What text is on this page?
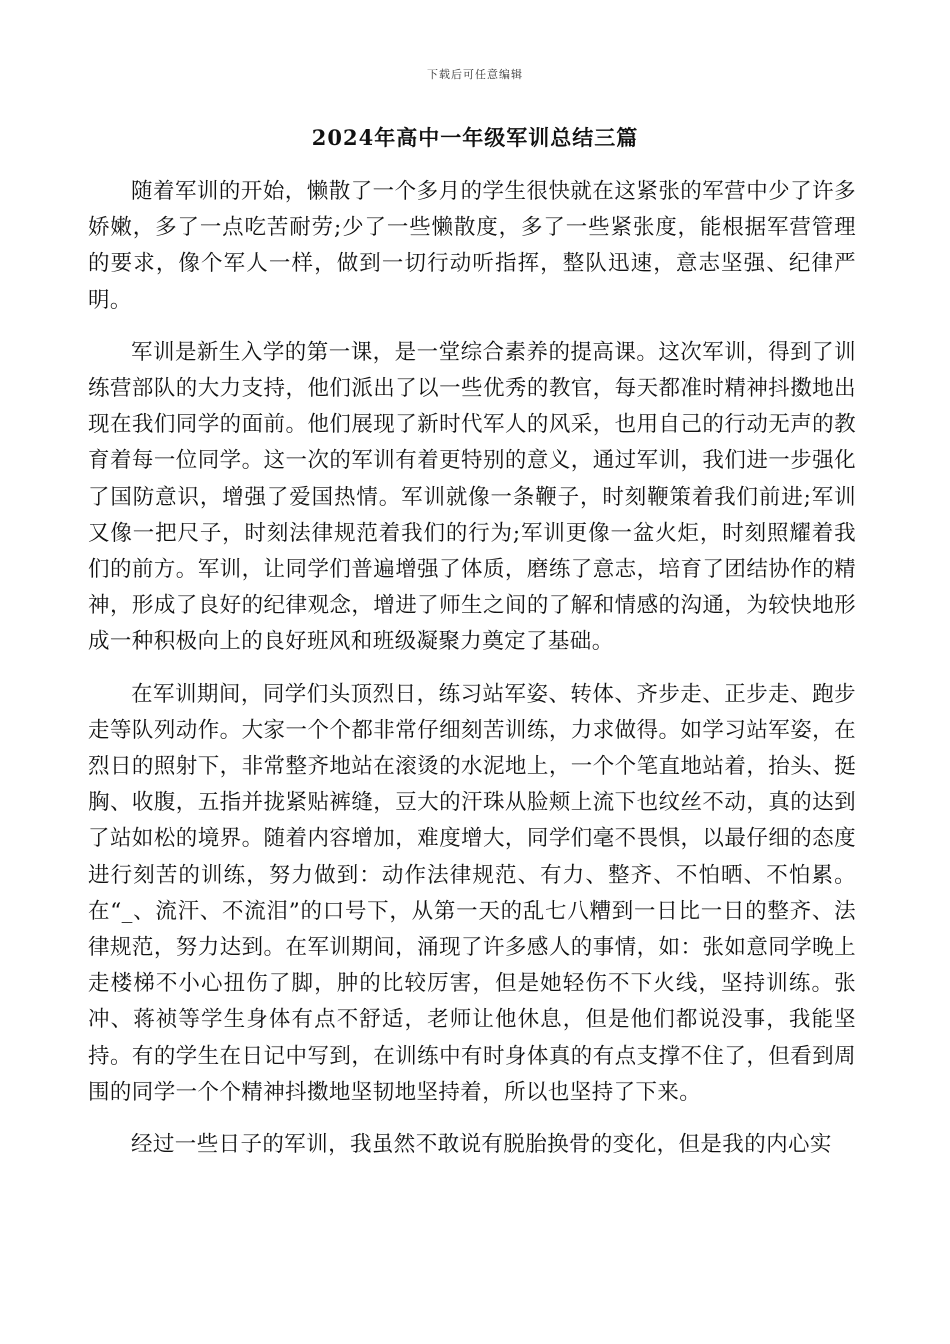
下载后可任意编辑
2024年高中一年级军训总结三篇

随着军训的开始，懒散了一个多月的学生很快就在这紧张的军营中少了许多娇嫩，多了一点吃苦耐劳;少了一些懒散度，多了一些紧张度，能根据军营管理的要求，像个军人一样，做到一切行动听指挥，整队迅速，意志坚强、纪律严明。

军训是新生入学的第一课，是一堂综合素养的提高课。这次军训，得到了训练营部队的大力支持，他们派出了以一些优秀的教官，每天都准时精神抖擞地出现在我们同学的面前。他们展现了新时代军人的风采，也用自己的行动无声的教育着每一位同学。这一次的军训有着更特别的意义，通过军训，我们进一步强化了国防意识，增强了爱国热情。军训就像一条鞭子，时刻鞭策着我们前进;军训又像一把尺子，时刻法律规范着我们的行为;军训更像一盆火炬，时刻照耀着我们的前方。军训，让同学们普遍增强了体质，磨练了意志，培育了团结协作的精神，形成了良好的纪律观念，增进了师生之间的了解和情感的沟通，为较快地形成一种积极向上的良好班风和班级凝聚力奠定了基础。

在军训期间，同学们头顶烈日，练习站军姿、转体、齐步走、正步走、跑步走等队列动作。大家一个个都非常仔细刻苦训练，力求做得。如学习站军姿，在烈日的照射下，非常整齐地站在滚烫的水泥地上，一个个笔直地站着，抬头、挺胸、收腹，五指并拢紧贴裤缝，豆大的汗珠从脸颊上流下也纹丝不动，真的达到了站如松的境界。随着内容增加，难度增大，同学们毫不畏惧，以最仔细的态度进行刻苦的训练，努力做到：动作法律规范、有力、整齐、不怕晒、不怕累。在“_、流汗、不流泪”的口号下，从第一天的乱七八糟到一日比一日的整齐、法律规范，努力达到。在军训期间，涌现了许多感人的事情，如：张如意同学晚上走楼梯不小心扭伤了脚，肿的比较厉害，但是她轻伤不下火线，坚持训练。张冲、蒋祯等学生身体有点不舒适，老师让他休息，但是他们都说没事，我能坚持。有的学生在日记中写到，在训练中有时身体真的有点支撑不住了，但看到周围的同学一个个精神抖擞地坚韧地坚持着，所以也坚持了下来。

经过一些日子的军训，我虽然不敢说有脱胎换骨的变化，但是我的内心实
